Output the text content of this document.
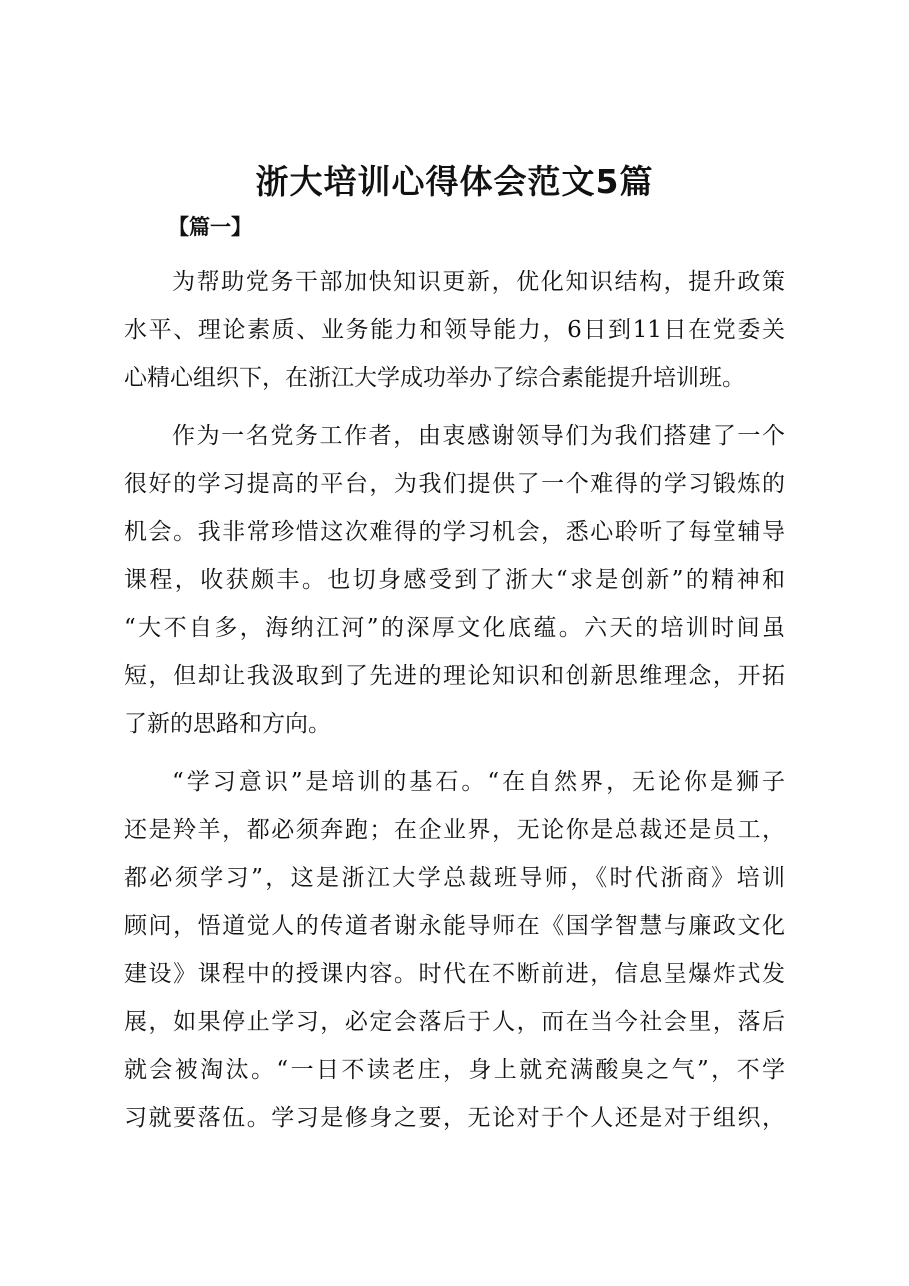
浙大培训心得体会范文5篇
【篇一】

为帮助党务干部加快知识更新，优化知识结构，提升政策
水平、理论素质、业务能力和领导能力，6日到11日在党委关
心精心组织下，在浙江大学成功举办了综合素能提升培训班。

作为一名党务工作者，由衷感谢领导们为我们搭建了一个
很好的学习提高的平台，为我们提供了一个难得的学习锻炼的
机会。我非常珍惜这次难得的学习机会，悉心聆听了每堂辅导
课程，收获颇丰。也切身感受到了浙大“求是创新”的精神和
“大不自多，海纳江河”的深厚文化底蕴。六天的培训时间虽
短，但却让我汲取到了先进的理论知识和创新思维理念，开拓
了新的思路和方向。

“学习意识”是培训的基石。“在自然界，无论你是狮子
还是羚羊，都必须奔跑；在企业界，无论你是总裁还是员工，
都必须学习”，这是浙江大学总裁班导师，《时代浙商》培训
顾问，悟道觉人的传道者谢永能导师在《国学智慧与廉政文化
建设》课程中的授课内容。时代在不断前进，信息呈爆炸式发
展，如果停止学习，必定会落后于人，而在当今社会里，落后
就会被淘汰。“一日不读老庄，身上就充满酸臭之气”，不学
习就要落伍。学习是修身之要，无论对于个人还是对于组织，
